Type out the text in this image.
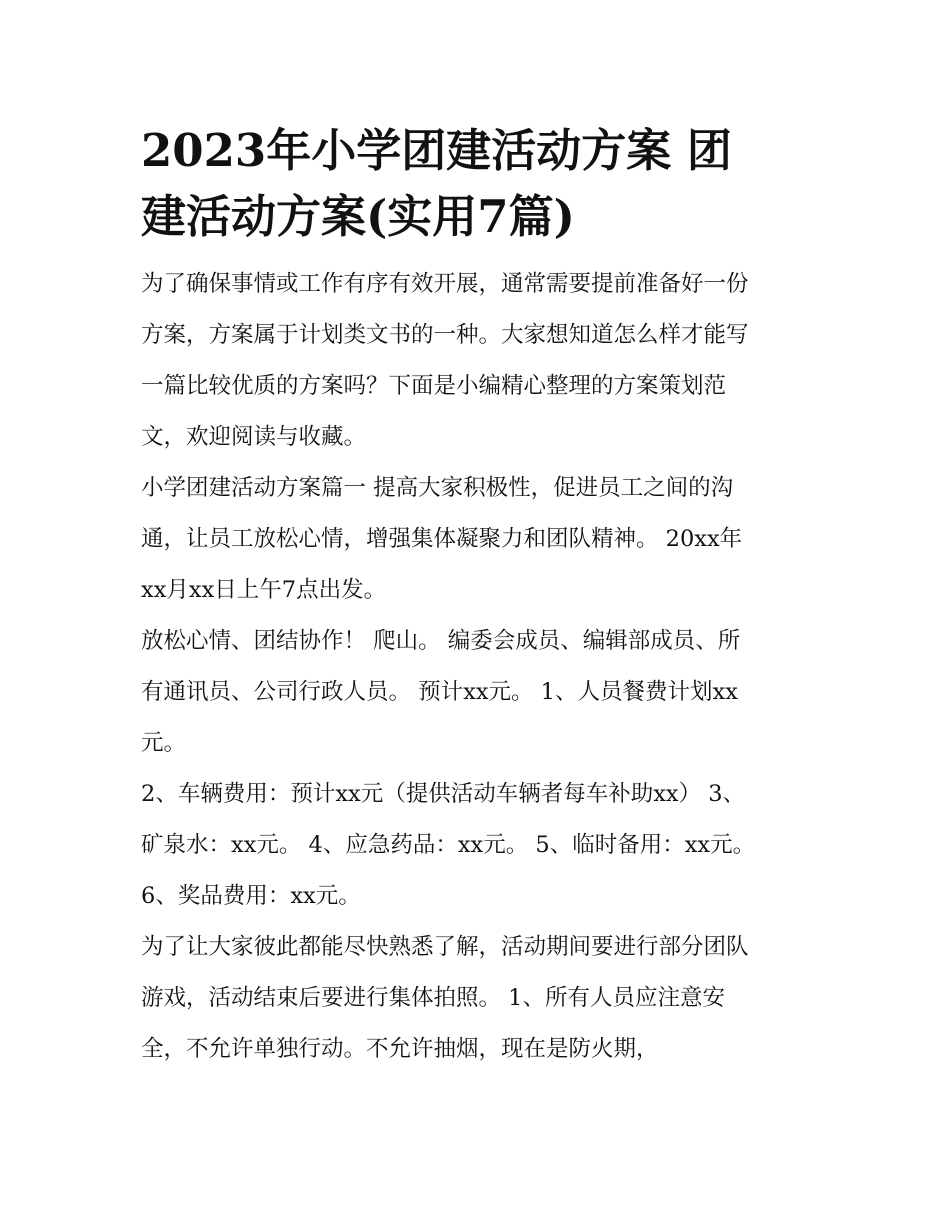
2023年小学团建活动方案 团
建活动方案(实用7篇)
为了确保事情或工作有序有效开展，通常需要提前准备好一份
方案，方案属于计划类文书的一种。大家想知道怎么样才能写
一篇比较优质的方案吗？下面是小编精心整理的方案策划范
文，欢迎阅读与收藏。
小学团建活动方案篇一 提高大家积极性，促进员工之间的沟
通，让员工放松心情，增强集体凝聚力和团队精神。 20xx年
xx月xx日上午7点出发。
放松心情、团结协作！ 爬山。 编委会成员、编辑部成员、所
有通讯员、公司行政人员。 预计xx元。 1、人员餐费计划xx
元。
2、车辆费用：预计xx元（提供活动车辆者每车补助xx） 3、
矿泉水：xx元。 4、应急药品：xx元。 5、临时备用：xx元。
6、奖品费用：xx元。
为了让大家彼此都能尽快熟悉了解，活动期间要进行部分团队
游戏，活动结束后要进行集体拍照。 1、所有人员应注意安
全，不允许单独行动。不允许抽烟，现在是防火期，
